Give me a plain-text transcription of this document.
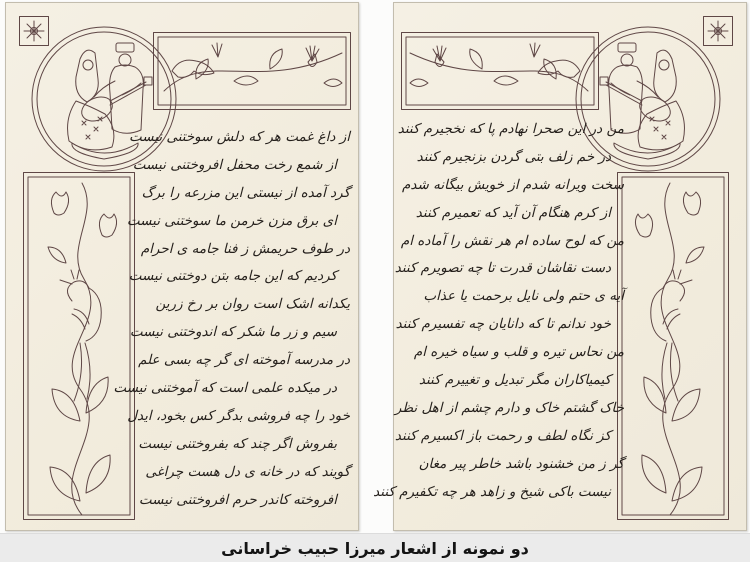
از داغ غمت هر که دلش سوختنی نیست
از شمع رخت محفل افروختنی نیست
گرد آمده از نیستی این مزرعه را برگ
ای برق مزن خرمن ما سوختنی نیست
در طوف حریمش ز فنا جامه ی احرام
کردیم که این جامه بتن دوختنی نیست
یکدانه اشک است روان بر رخ زرین
سیم و زر ما شکر که اندوختنی نیست
در مدرسه آموخته ای گر چه بسی علم
در میکده علمی است که آموختنی نیست
خود را چه فروشی بدگر کس بخود، ایدل
بفروش اگر چند که بفروختنی نیست
گویند که در خانه ی دل هست چراغی
افروخته کاندر حرم افروختنی نیست
من در این صحرا نهادم پا که نخجیرم کنند
در خم زلف بتی گردن بزنجیرم کنند
سخت ویرانه شدم از خویش بیگانه شدم
از کرم هنگام آن آید که تعمیرم کنند
من که لوح ساده ام هر نقش را آماده ام
دست نقاشان قدرت تا چه تصویرم کنند
آیه ی حتم ولی نایل برحمت یا عذاب
خود ندانم تا که دانایان چه تفسیرم کنند
من نحاس تیره و قلب و سیاه خیره ام
کیمیاکاران مگر تبدیل و تغییرم کنند
خاک گشتم خاک و دارم چشم از اهل نظر
کز نگاه لطف و رحمت باز اکسیرم کنند
گر ز من خشنود باشد خاطر پیر مغان
نیست باکی شیخ و زاهد هر چه تکفیرم کنند
دو نمونه از اشعار میرزا حبیب خراسانی
